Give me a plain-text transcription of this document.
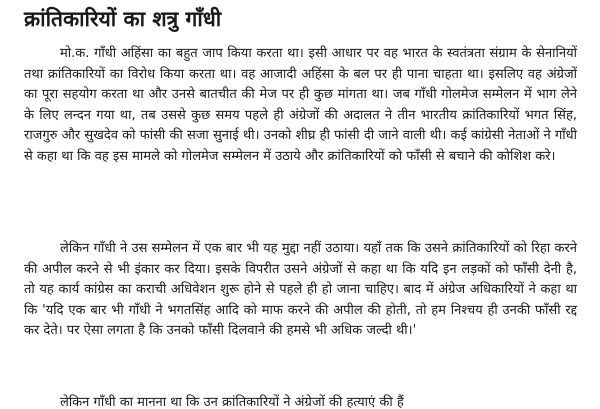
क्रांतिकारियों का शत्रु गाँधी

मो.क. गाँधी अहिंसा का बहुत जाप किया करता था। इसी आधार पर वह भारत के स्वतंत्रता संग्राम के सेनानियों तथा क्रांतिकारियों का विरोध किया करता था। वह आजादी अहिंसा के बल पर ही पाना चाहता था। इसलिए वह अंग्रेजों का पूरा सहयोग करता था और उनसे बातचीत की मेज पर ही कुछ मांगता था। जब गाँधी गोलमेज सम्मेलन में भाग लेने के लिए लन्दन गया था, तब उससे कुछ समय पहले ही अंग्रेजों की अदालत ने तीन भारतीय क्रांतिकारियों भगत सिंह, राजगुरु और सुखदेव को फांसी की सजा सुनाई थी। उनको शीघ्र ही फांसी दी जाने वाली थी। कई कांग्रेसी नेताओं ने गाँधी से कहा था कि वह इस मामले को गोलमेज सम्मेलन में उठाये और क्रांतिकारियों को फाँसी से बचाने की कोशिश करे।

लेकिन गाँधी ने उस सम्मेलन में एक बार भी यह मुद्दा नहीं उठाया। यहाँ तक कि उसने क्रांतिकारियों को रिहा करने की अपील करने से भी इंकार कर दिया। इसके विपरीत उसने अंग्रेजों से कहा था कि यदि इन लड़कों को फाँसी देनी है, तो यह कार्य कांग्रेस का कराची अधिवेशन शुरू होने से पहले ही हो जाना चाहिए। बाद में अंग्रेज अधिकारियों ने कहा था कि 'यदि एक बार भी गाँधी ने भगतसिंह आदि को माफ करने की अपील की होती, तो हम निश्चय ही उनकी फाँसी रद्द कर देते। पर ऐसा लगता है कि उनको फाँसी दिलवाने की हमसे भी अधिक जल्दी थी।'

लेकिन गाँधी का मानना था कि उन क्रांतिकारियों ने अंग्रेजों की हत्याएं की हैं
